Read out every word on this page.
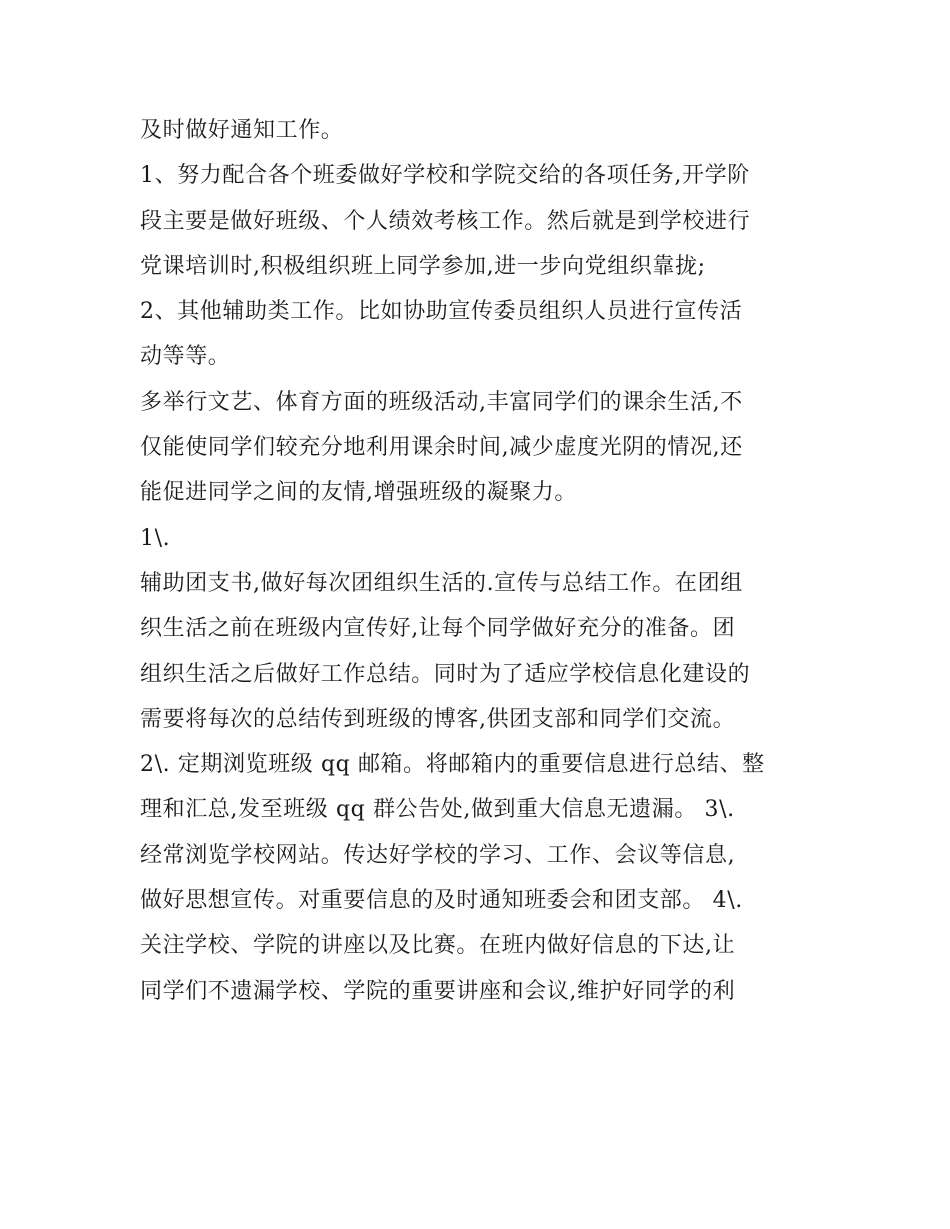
及时做好通知工作。
1、努力配合各个班委做好学校和学院交给的各项任务,开学阶
段主要是做好班级、个人绩效考核工作。然后就是到学校进行
党课培训时,积极组织班上同学参加,进一步向党组织靠拢;
2、其他辅助类工作。比如协助宣传委员组织人员进行宣传活
动等等。
多举行文艺、体育方面的班级活动,丰富同学们的课余生活,不
仅能使同学们较充分地利用课余时间,减少虚度光阴的情况,还
能促进同学之间的友情,增强班级的凝聚力。
1\.
辅助团支书,做好每次团组织生活的.宣传与总结工作。在团组
织生活之前在班级内宣传好,让每个同学做好充分的准备。团
组织生活之后做好工作总结。同时为了适应学校信息化建设的
需要将每次的总结传到班级的博客,供团支部和同学们交流。
2\. 定期浏览班级 qq 邮箱。将邮箱内的重要信息进行总结、整
理和汇总,发至班级 qq 群公告处,做到重大信息无遗漏。 3\.
经常浏览学校网站。传达好学校的学习、工作、会议等信息,
做好思想宣传。对重要信息的及时通知班委会和团支部。 4\.
关注学校、学院的讲座以及比赛。在班内做好信息的下达,让
同学们不遗漏学校、学院的重要讲座和会议,维护好同学的利
